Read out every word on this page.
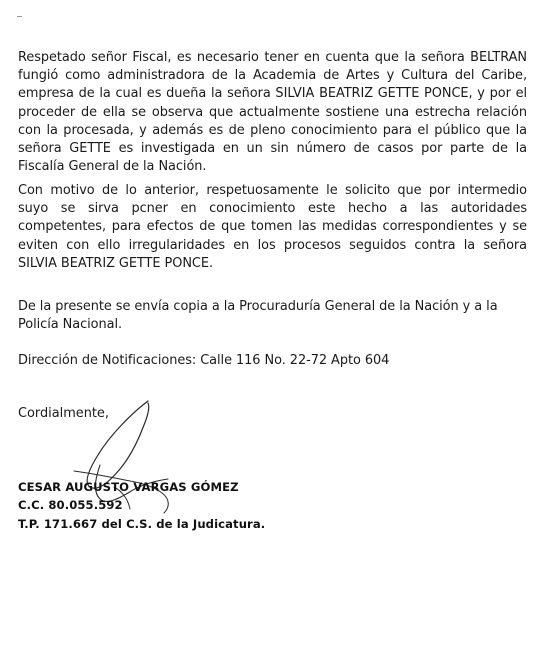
Respetado señor Fiscal, es necesario tener en cuenta que la señora BELTRAN fungió como administradora de la Academia de Artes y Cultura del Caribe, empresa de la cual es dueña la señora SILVIA BEATRIZ GETTE PONCE, y por el proceder de ella se observa que actualmente sostiene una estrecha relación con la procesada, y además es de pleno conocimiento para el público que la señora GETTE es investigada en un sin número de casos por parte de la Fiscalía General de la Nación.

Con motivo de lo anterior, respetuosamente le solicito que por intermedio suyo se sirva pcner en conocimiento este hecho a las autoridades competentes, para efectos de que tomen las medidas correspondientes y se eviten con ello irregularidades en los procesos seguidos contra la señora SILVIA BEATRIZ GETTE PONCE.

De la presente se envía copia a la Procuraduría General de la Nación y a la Policía Nacional.

Dirección de Notificaciones: Calle 116 No. 22-72 Apto 604

Cordialmente,

CESAR AUGUSTO VARGAS GÓMEZ

C.C. 80.055.592

T.P. 171.667 del C.S. de la Judicatura.
